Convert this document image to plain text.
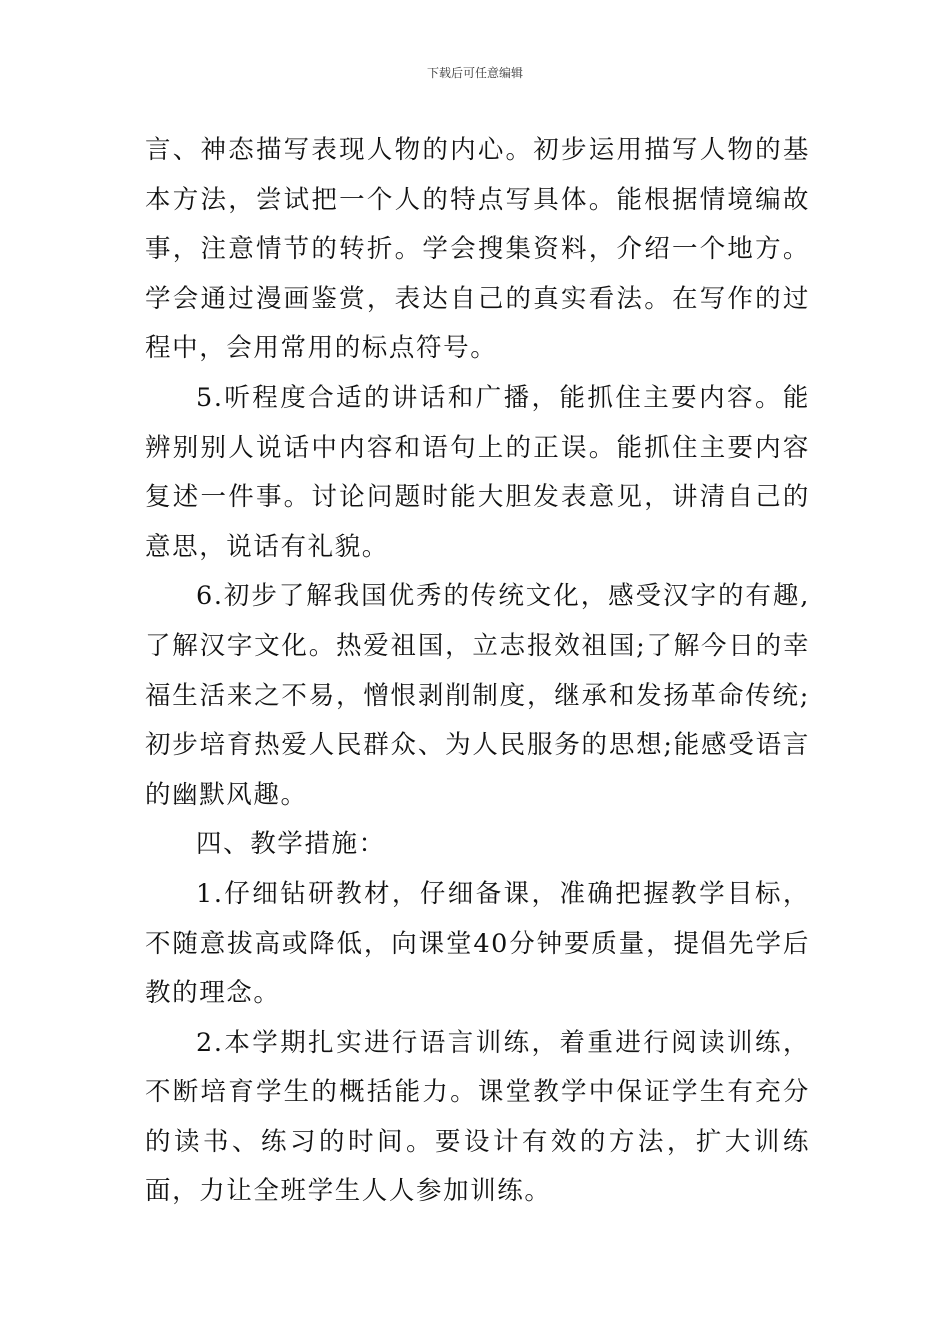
下载后可任意编辑

言、神态描写表现人物的内心。初步运用描写人物的基本方法，尝试把一个人的特点写具体。能根据情境编故事，注意情节的转折。学会搜集资料，介绍一个地方。学会通过漫画鉴赏，表达自己的真实看法。在写作的过程中，会用常用的标点符号。

5.听程度合适的讲话和广播，能抓住主要内容。能辨别别人说话中内容和语句上的正误。能抓住主要内容复述一件事。讨论问题时能大胆发表意见，讲清自己的意思，说话有礼貌。

6.初步了解我国优秀的传统文化，感受汉字的有趣,了解汉字文化。热爱祖国，立志报效祖国;了解今日的幸福生活来之不易，憎恨剥削制度，继承和发扬革命传统;初步培育热爱人民群众、为人民服务的思想;能感受语言的幽默风趣。

四、教学措施：

1.仔细钻研教材，仔细备课，准确把握教学目标，不随意拔高或降低，向课堂40分钟要质量，提倡先学后教的理念。

2.本学期扎实进行语言训练，着重进行阅读训练，不断培育学生的概括能力。课堂教学中保证学生有充分的读书、练习的时间。要设计有效的方法，扩大训练面，力让全班学生人人参加训练。
